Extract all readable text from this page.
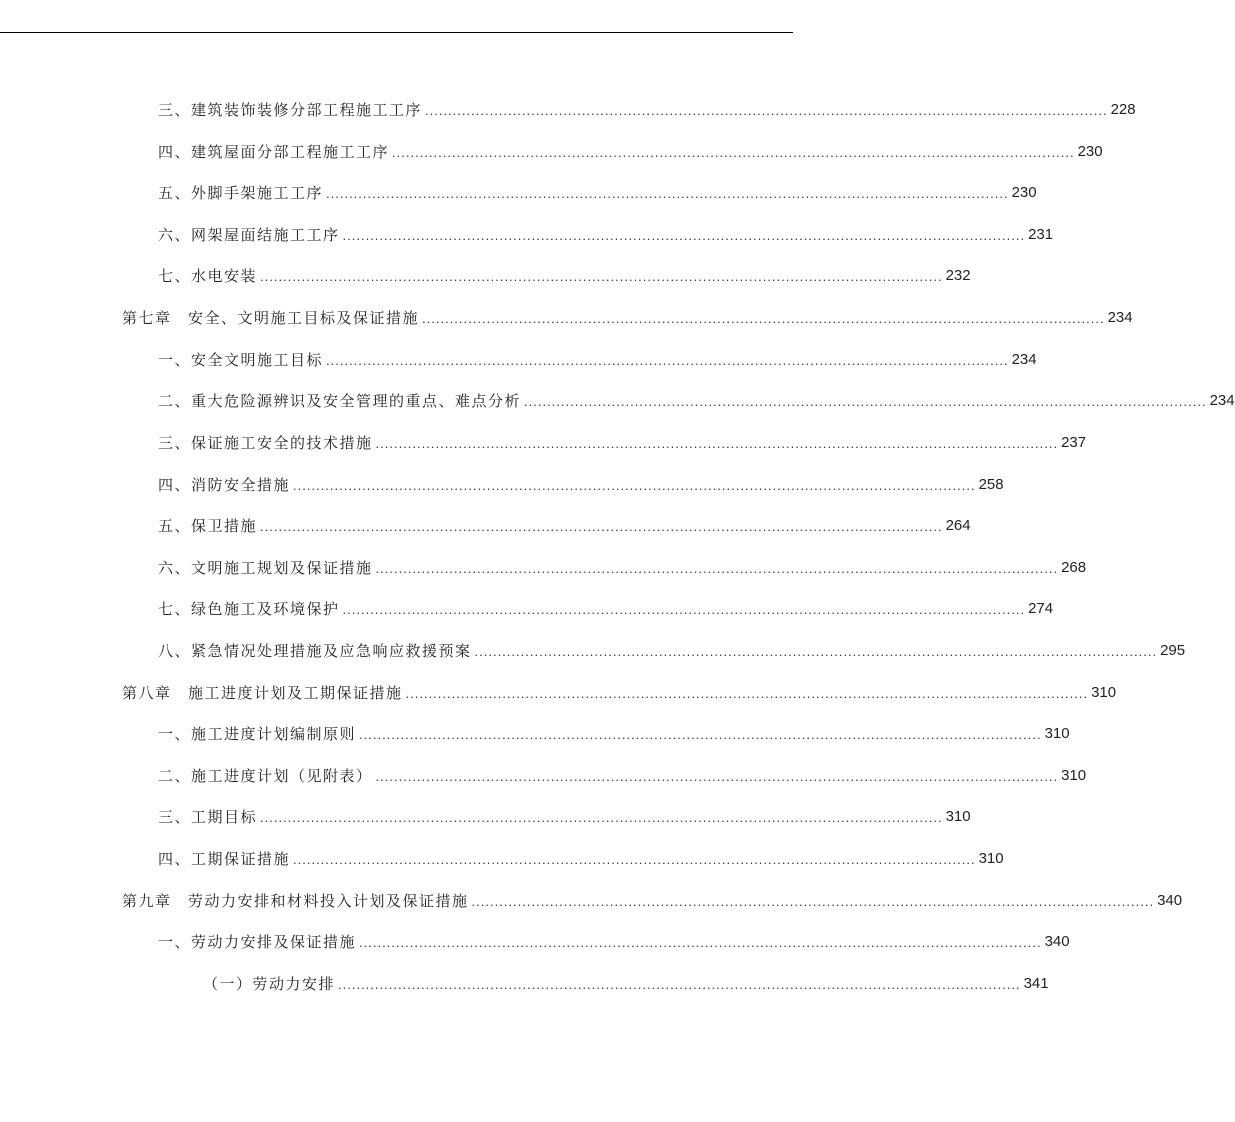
三、建筑装饰装修分部工程施工工序 .................................................................................................................................................... 228
四、建筑屋面分部工程施工工序 .................................................................................................................................................... 230
五、外脚手架施工工序 .................................................................................................................................................... 230
六、网架屋面结施工工序 .................................................................................................................................................... 231
七、水电安装 .................................................................................................................................................... 232
第七章　安全、文明施工目标及保证措施 .................................................................................................................................................... 234
一、安全文明施工目标 .................................................................................................................................................... 234
二、重大危险源辨识及安全管理的重点、难点分析 .................................................................................................................................................... 234
三、保证施工安全的技术措施 .................................................................................................................................................... 237
四、消防安全措施 .................................................................................................................................................... 258
五、保卫措施 .................................................................................................................................................... 264
六、文明施工规划及保证措施 .................................................................................................................................................... 268
七、绿色施工及环境保护 .................................................................................................................................................... 274
八、紧急情况处理措施及应急响应救援预案 .................................................................................................................................................... 295
第八章　施工进度计划及工期保证措施 .................................................................................................................................................... 310
一、施工进度计划编制原则 .................................................................................................................................................... 310
二、施工进度计划（见附表） .................................................................................................................................................... 310
三、工期目标 .................................................................................................................................................... 310
四、工期保证措施 .................................................................................................................................................... 310
第九章　劳动力安排和材料投入计划及保证措施 .................................................................................................................................................... 340
一、劳动力安排及保证措施 .................................................................................................................................................... 340
（一）劳动力安排 .................................................................................................................................................... 341
